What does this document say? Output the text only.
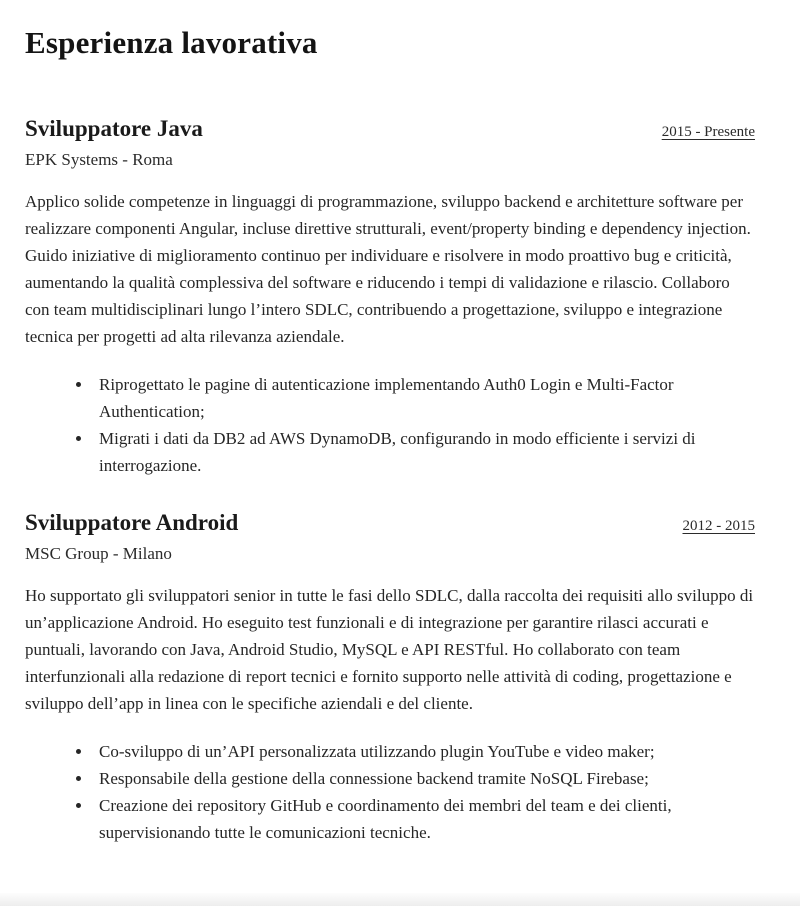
Esperienza lavorativa
Sviluppatore Java	2015 - Presente
EPK Systems - Roma

Applico solide competenze in linguaggi di programmazione, sviluppo backend e architetture software per realizzare componenti Angular, incluse direttive strutturali, event/property binding e dependency injection. Guido iniziative di miglioramento continuo per individuare e risolvere in modo proattivo bug e criticità, aumentando la qualità complessiva del software e riducendo i tempi di validazione e rilascio. Collaboro con team multidisciplinari lungo l’intero SDLC, contribuendo a progettazione, sviluppo e integrazione tecnica per progetti ad alta rilevanza aziendale.

• Riprogettato le pagine di autenticazione implementando Auth0 Login e Multi-Factor Authentication;
• Migrati i dati da DB2 ad AWS DynamoDB, configurando in modo efficiente i servizi di interrogazione.
Sviluppatore Android	2012 - 2015
MSC Group - Milano

Ho supportato gli sviluppatori senior in tutte le fasi dello SDLC, dalla raccolta dei requisiti allo sviluppo di un’applicazione Android. Ho eseguito test funzionali e di integrazione per garantire rilasci accurati e puntuali, lavorando con Java, Android Studio, MySQL e API RESTful. Ho collaborato con team interfunzionali alla redazione di report tecnici e fornito supporto nelle attività di coding, progettazione e sviluppo dell’app in linea con le specifiche aziendali e del cliente.

• Co-sviluppo di un’API personalizzata utilizzando plugin YouTube e video maker;
• Responsabile della gestione della connessione backend tramite NoSQL Firebase;
• Creazione dei repository GitHub e coordinamento dei membri del team e dei clienti, supervisionando tutte le comunicazioni tecniche.
